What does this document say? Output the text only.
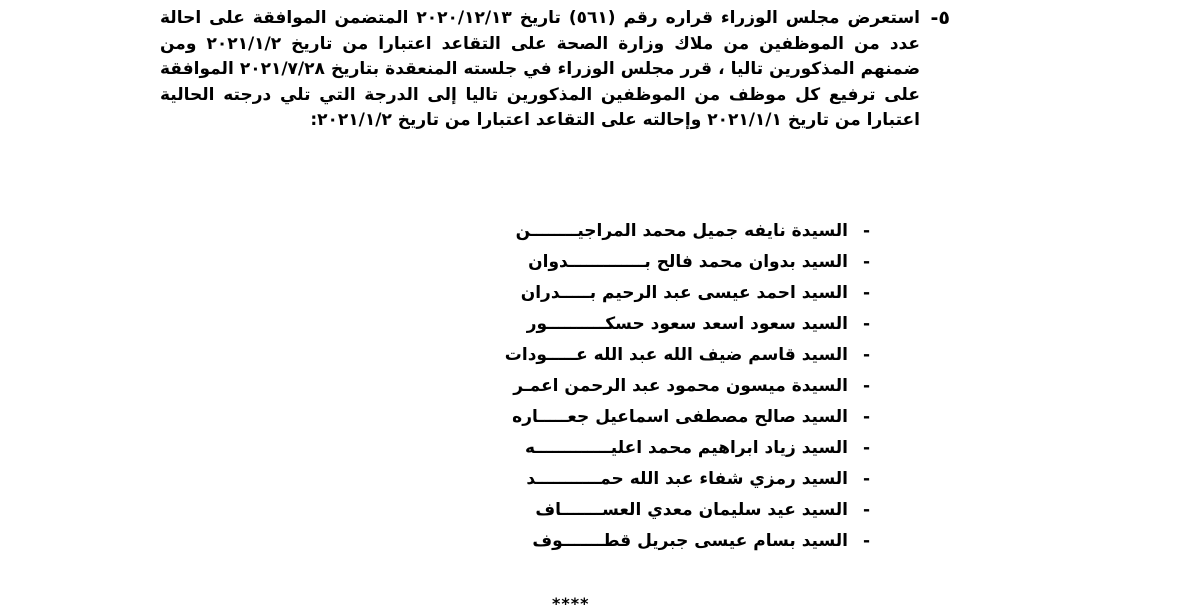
٥-

استعرض مجلس الوزراء قراره رقم (٥٦١) تاريخ ٢٠٢٠/١٢/١٣ المتضمن الموافقة على احالة عدد من الموظفين من ملاك وزارة الصحة على التقاعد اعتبارا من تاريخ ٢٠٢١/١/٢ ومن ضمنهم المذكورين تاليا ، قرر مجلس الوزراء في جلسته المنعقدة بتاريخ ٢٠٢١/٧/٢٨ الموافقة على ترفيع كل موظف من الموظفين المذكورين تاليا إلى الدرجة التي تلي درجته الحالية اعتبارا من تاريخ ٢٠٢١/١/١ وإحالته على التقاعد اعتبارا من تاريخ ٢٠٢١/١/٢:

-السيدة نايفه جميل محمد المراجيــــــــن
-السيد بدوان محمد فالح بـــــــــــــدوان
-السيد احمد عيسى عبد الرحيم بـــــدران
-السيد سعود اسعد سعود حسكــــــــــور
-السيد قاسم ضيف الله عبد الله عـــــودات
-السيدة ميسون محمود عبد الرحمن اعمـر
-السيد صالح مصطفى اسماعيل جعـــــاره
-السيد زياد ابراهيم محمد اعليـــــــــــــه
-السيد رمزي شفاء عبد الله حمـــــــــــد
-السيد عيد سليمان معدي العســـــــاف
-السيد بسام عيسى جبريل قطـــــــوف
****
